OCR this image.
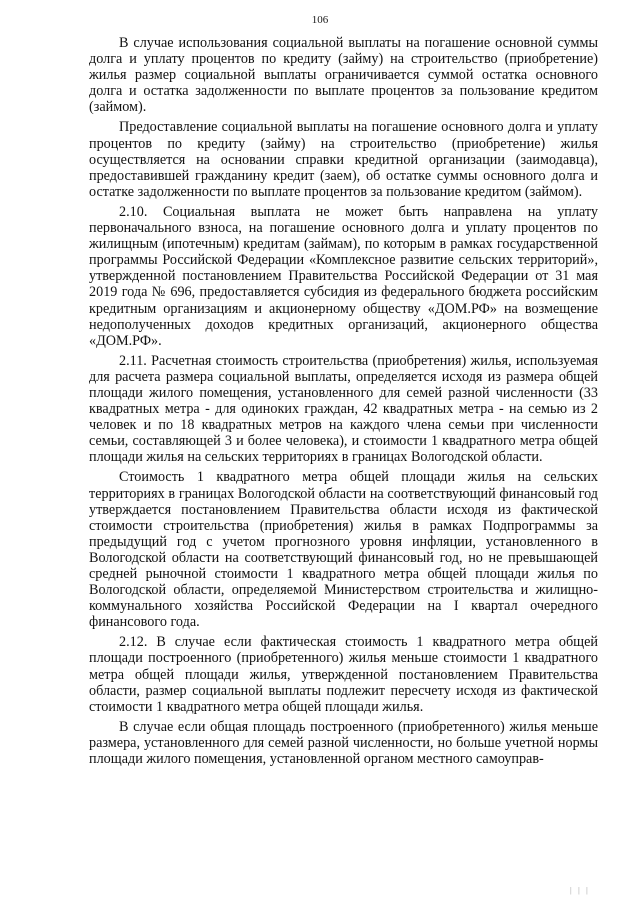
106

В случае использования социальной выплаты на погашение основной суммы долга и уплату процентов по кредиту (займу) на строительство (приобретение) жилья размер социальной выплаты ограничивается суммой остатка основного долга и остатка задолженности по выплате процентов за пользование кредитом (займом).

Предоставление социальной выплаты на погашение основного долга и уплату процентов по кредиту (займу) на строительство (приобретение) жилья осуществляется на основании справки кредитной организации (заимодавца), предоставившей гражданину кредит (заем), об остатке суммы основного долга и остатке задолженности по выплате процентов за пользование кредитом (займом).

2.10. Социальная выплата не может быть направлена на уплату первоначального взноса, на погашение основного долга и уплату процентов по жилищным (ипотечным) кредитам (займам), по которым в рамках государственной программы Российской Федерации «Комплексное развитие сельских территорий», утвержденной постановлением Правительства Российской Федерации от 31 мая 2019 года № 696, предоставляется субсидия из федерального бюджета российским кредитным организациям и акционерному обществу «ДОМ.РФ» на возмещение недополученных доходов кредитных организаций, акционерного общества «ДОМ.РФ».

2.11. Расчетная стоимость строительства (приобретения) жилья, используемая для расчета размера социальной выплаты, определяется исходя из размера общей площади жилого помещения, установленного для семей разной численности (33 квадратных метра - для одиноких граждан, 42 квадратных метра - на семью из 2 человек и по 18 квадратных метров на каждого члена семьи при численности семьи, составляющей 3 и более человека), и стоимости 1 квадратного метра общей площади жилья на сельских территориях в границах Вологодской области.

Стоимость 1 квадратного метра общей площади жилья на сельских территориях в границах Вологодской области на соответствующий финансовый год утверждается постановлением Правительства области исходя из фактической стоимости строительства (приобретения) жилья в рамках Подпрограммы за предыдущий год с учетом прогнозного уровня инфляции, установленного в Вологодской области на соответствующий финансовый год, но не превышающей средней рыночной стоимости 1 квадратного метра общей площади жилья по Вологодской области, определяемой Министерством строительства и жилищно-коммунального хозяйства Российской Федерации на I квартал очередного финансового года.

2.12. В случае если фактическая стоимость 1 квадратного метра общей площади построенного (приобретенного) жилья меньше стоимости 1 квадратного метра общей площади жилья, утвержденной постановлением Правительства области, размер социальной выплаты подлежит пересчету исходя из фактической стоимости 1 квадратного метра общей площади жилья.

В случае если общая площадь построенного (приобретенного) жилья меньше размера, установленного для семей разной численности, но больше учетной нормы площади жилого помещения, установленной органом местного самоуправ-

|||
